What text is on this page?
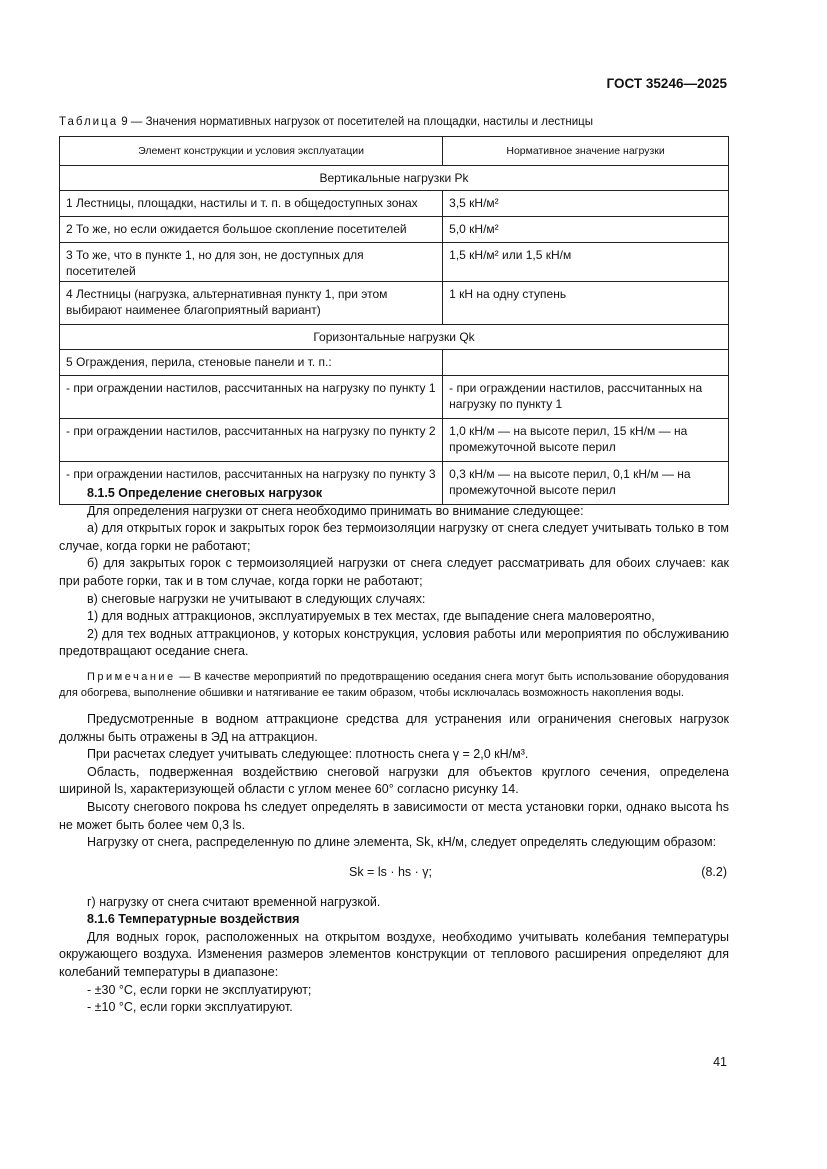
ГОСТ 35246—2025
Таблица 9 — Значения нормативных нагрузок от посетителей на площадки, настилы и лестницы
Элемент конструкции и условия эксплуатации	Нормативное значение нагрузки
Вертикальные нагрузки Pk	
1 Лестницы, площадки, настилы и т. п. в общедоступных зонах	3,5 кН/м²
2 То же, но если ожидается большое скопление посетителей	5,0 кН/м²
3 То же, что в пункте 1, но для зон, не доступных для посетителей	1,5 кН/м² или 1,5 кН/м
4 Лестницы (нагрузка, альтернативная пункту 1, при этом выбирают наименее благоприятный вариант)	1 кН на одну ступень
Горизонтальные нагрузки Qk	
5 Ограждения, перила, стеновые панели и т. п.:	
- при ограждении настилов, рассчитанных на нагрузку по пункту 1	- при ограждении настилов, рассчитанных на нагрузку по пункту 1
- при ограждении настилов, рассчитанных на нагрузку по пункту 2	1,0 кН/м — на высоте перил, 15 кН/м — на промежуточной высоте перил
- при ограждении настилов, рассчитанных на нагрузку по пункту 3	0,3 кН/м — на высоте перил, 0,1 кН/м — на промежуточной высоте перил
8.1.5 Определение снеговых нагрузок

Для определения нагрузки от снега необходимо принимать во внимание следующее:

а) для открытых горок и закрытых горок без термоизоляции нагрузку от снега следует учитывать только в том случае, когда горки не работают;

б) для закрытых горок с термоизоляцией нагрузки от снега следует рассматривать для обоих случаев: как при работе горки, так и в том случае, когда горки не работают;

в) снеговые нагрузки не учитывают в следующих случаях:

1) для водных аттракционов, эксплуатируемых в тех местах, где выпадение снега маловероятно,

2) для тех водных аттракционов, у которых конструкция, условия работы или мероприятия по обслуживанию предотвращают оседание снега.

Примечание — В качестве мероприятий по предотвращению оседания снега могут быть использование оборудования для обогрева, выполнение обшивки и натягивание ее таким образом, чтобы исключалась возможность накопления воды.

Предусмотренные в водном аттракционе средства для устранения или ограничения снеговых нагрузок должны быть отражены в ЭД на аттракцион.

При расчетах следует учитывать следующее: плотность снега γ = 2,0 кН/м³.

Область, подверженная воздействию снеговой нагрузки для объектов круглого сечения, определена шириной ls, характеризующей области с углом менее 60° согласно рисунку 14.

Высоту снегового покрова hs следует определять в зависимости от места установки горки, однако высота hs не может быть более чем 0,3 ls.

Нагрузку от снега, распределенную по длине элемента, Sk, кН/м, следует определять следующим образом:

Sk = ls · hs · γ;	(8.2)

г) нагрузку от снега считают временной нагрузкой.

8.1.6 Температурные воздействия

Для водных горок, расположенных на открытом воздухе, необходимо учитывать колебания температуры окружающего воздуха. Изменения размеров элементов конструкции от теплового расширения определяют для колебаний температуры в диапазоне:

- ±30 °С, если горки не эксплуатируют;

- ±10 °С, если горки эксплуатируют.

41
